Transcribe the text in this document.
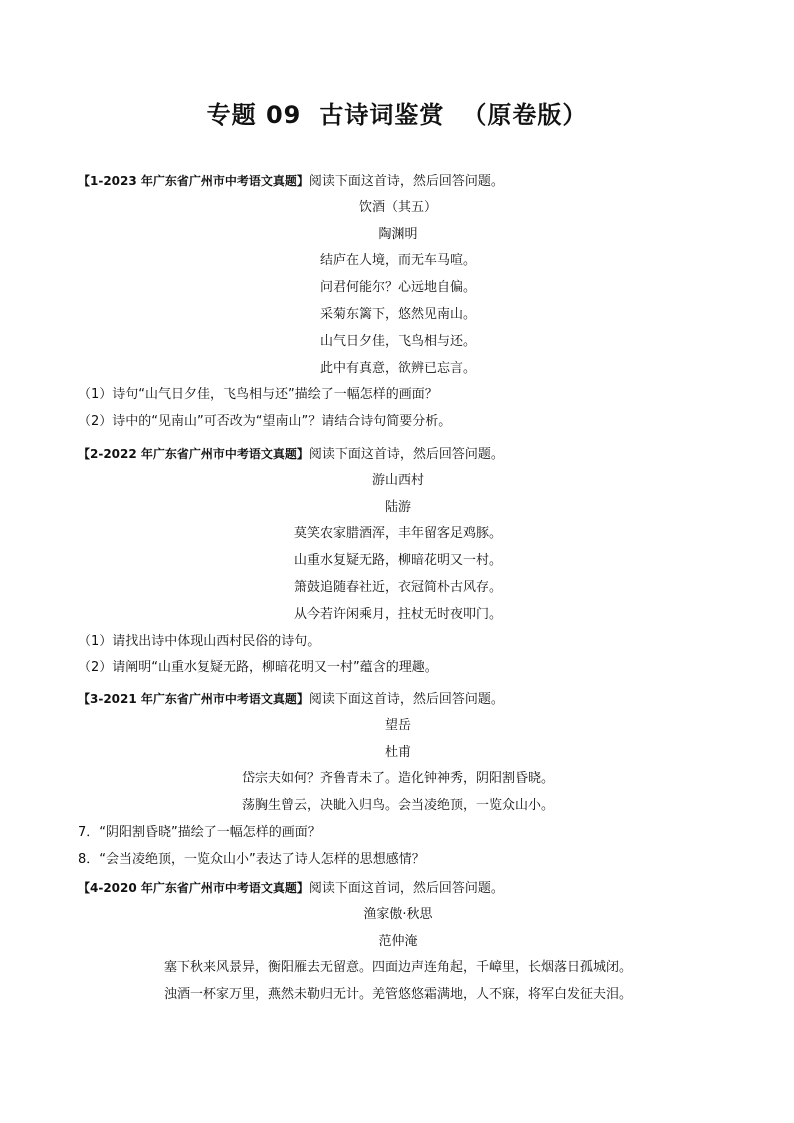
专题 09 古诗词鉴赏 （原卷版）
【1-2023 年广东省广州市中考语文真题】阅读下面这首诗，然后回答问题。
饮酒（其五）
陶渊明
结庐在人境，而无车马喧。
问君何能尔？心远地自偏。
采菊东篱下，悠然见南山。
山气日夕佳，飞鸟相与还。
此中有真意，欲辨已忘言。
（1）诗句“山气日夕佳，飞鸟相与还”描绘了一幅怎样的画面？
（2）诗中的“见南山”可否改为“望南山”？请结合诗句简要分析。
【2-2022 年广东省广州市中考语文真题】阅读下面这首诗，然后回答问题。
游山西村
陆游
莫笑农家腊酒浑，丰年留客足鸡豚。
山重水复疑无路，柳暗花明又一村。
箫鼓追随春社近，衣冠简朴古风存。
从今若许闲乘月，拄杖无时夜叩门。
（1）请找出诗中体现山西村民俗的诗句。
（2）请阐明“山重水复疑无路，柳暗花明又一村”蕴含的理趣。
【3-2021 年广东省广州市中考语文真题】阅读下面这首诗，然后回答问题。
望岳
杜甫
岱宗夫如何？齐鲁青未了。造化钟神秀，阴阳割昏晓。
荡胸生曾云，决眦入归鸟。会当凌绝顶，一览众山小。
7．“阴阳割昏晓”描绘了一幅怎样的画面？
8．“会当凌绝顶，一览众山小”表达了诗人怎样的思想感情？
【4-2020 年广东省广州市中考语文真题】阅读下面这首词，然后回答问题。
渔家傲·秋思
范仲淹
塞下秋来风景异，衡阳雁去无留意。四面边声连角起，千嶂里，长烟落日孤城闭。
浊酒一杯家万里，燕然未勒归无计。羌管悠悠霜满地，人不寐，将军白发征夫泪。
